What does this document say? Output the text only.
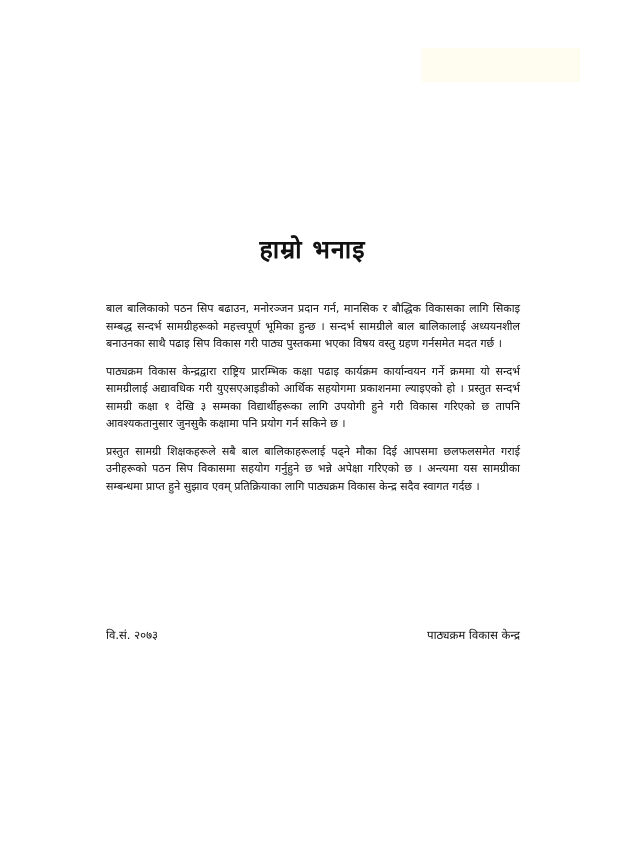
हाम्रो भनाइ

बाल बालिकाको पठन सिप बढाउन, मनोरञ्जन प्रदान गर्न, मानसिक र बौद्धिक विकासका लागि सिकाइ सम्बद्ध सन्दर्भ सामग्रीहरूको महत्त्वपूर्ण भूमिका हुन्छ । सन्दर्भ सामग्रीले बाल बालिकालाई अध्ययनशील बनाउनका साथै पढाइ सिप विकास गरी पाठ्य पुस्तकमा भएका विषय वस्तु ग्रहण गर्नसमेत मदत गर्छ ।

पाठ्यक्रम विकास केन्द्रद्वारा राष्ट्रिय प्रारम्भिक कक्षा पढाइ कार्यक्रम कार्यान्वयन गर्ने क्रममा यो सन्दर्भ सामग्रीलाई अद्यावधिक गरी युएसएआइडीको आर्थिक सहयोगमा प्रकाशनमा ल्याइएको हो । प्रस्तुत सन्दर्भ सामग्री कक्षा १ देखि ३ सम्मका विद्यार्थीहरूका लागि उपयोगी हुने गरी विकास गरिएको छ तापनि आवश्यकतानुसार जुनसुकै कक्षामा पनि प्रयोग गर्न सकिने छ ।

प्रस्तुत सामग्री शिक्षकहरूले सबै बाल बालिकाहरूलाई पढ्ने मौका दिई आपसमा छलफलसमेत गराई उनीहरूको पठन सिप विकासमा सहयोग गर्नुहुने छ भन्ने अपेक्षा गरिएको छ । अन्त्यमा यस सामग्रीका सम्बन्धमा प्राप्त हुने सुझाव एवम् प्रतिक्रियाका लागि पाठ्यक्रम विकास केन्द्र सदैव स्वागत गर्दछ ।

वि.सं. २०७३	पाठ्यक्रम विकास केन्द्र
